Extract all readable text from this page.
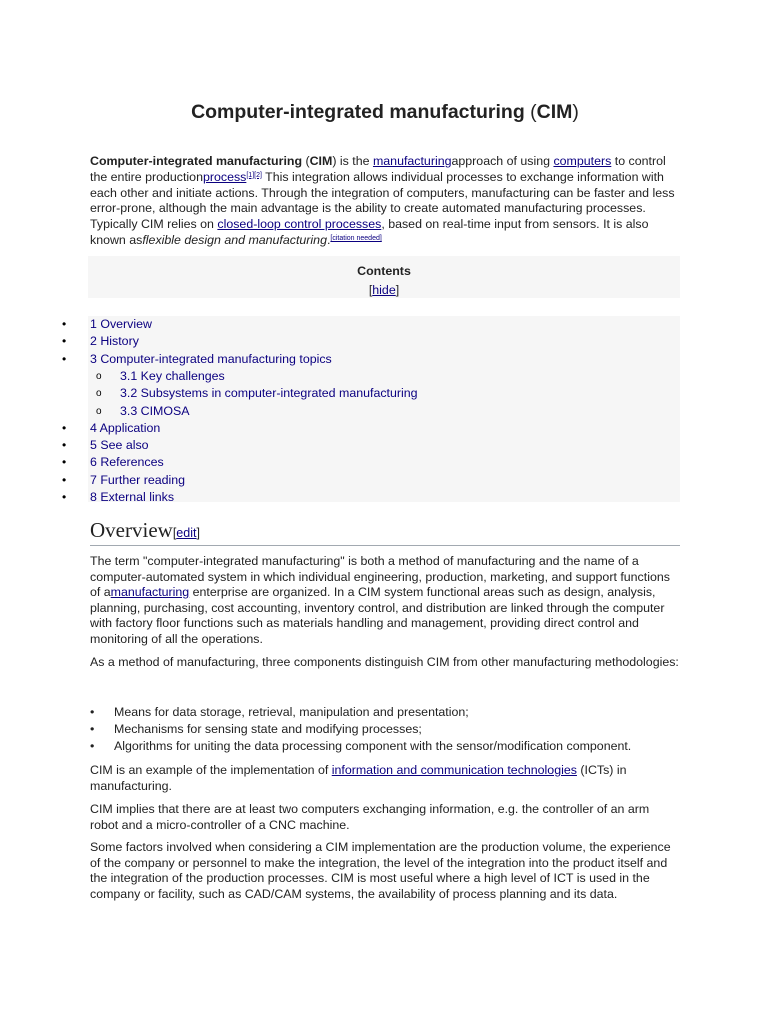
Computer-integrated manufacturing (CIM)
Computer-integrated manufacturing (CIM) is the manufacturingapproach of using computers to control the entire productionprocess[1][2] This integration allows individual processes to exchange information with each other and initiate actions. Through the integration of computers, manufacturing can be faster and less error-prone, although the main advantage is the ability to create automated manufacturing processes. Typically CIM relies on closed-loop control processes, based on real-time input from sensors. It is also known asflexible design and manufacturing.[citation needed]
Contents
[hide]
• 1 Overview
• 2 History
• 3 Computer-integrated manufacturing topics
o 3.1 Key challenges
o 3.2 Subsystems in computer-integrated manufacturing
o 3.3 CIMOSA
• 4 Application
• 5 See also
• 6 References
• 7 Further reading
• 8 External links
Overview[edit]

The term "computer-integrated manufacturing" is both a method of manufacturing and the name of a computer-automated system in which individual engineering, production, marketing, and support functions of amanufacturing enterprise are organized. In a CIM system functional areas such as design, analysis, planning, purchasing, cost accounting, inventory control, and distribution are linked through the computer with factory floor functions such as materials handling and management, providing direct control and monitoring of all the operations.

As a method of manufacturing, three components distinguish CIM from other manufacturing methodologies:

• Means for data storage, retrieval, manipulation and presentation;
• Mechanisms for sensing state and modifying processes;
• Algorithms for uniting the data processing component with the sensor/modification component.

CIM is an example of the implementation of information and communication technologies (ICTs) in manufacturing.

CIM implies that there are at least two computers exchanging information, e.g. the controller of an arm robot and a micro-controller of a CNC machine.

Some factors involved when considering a CIM implementation are the production volume, the experience of the company or personnel to make the integration, the level of the integration into the product itself and the integration of the production processes. CIM is most useful where a high level of ICT is used in the company or facility, such as CAD/CAM systems, the availability of process planning and its data.
